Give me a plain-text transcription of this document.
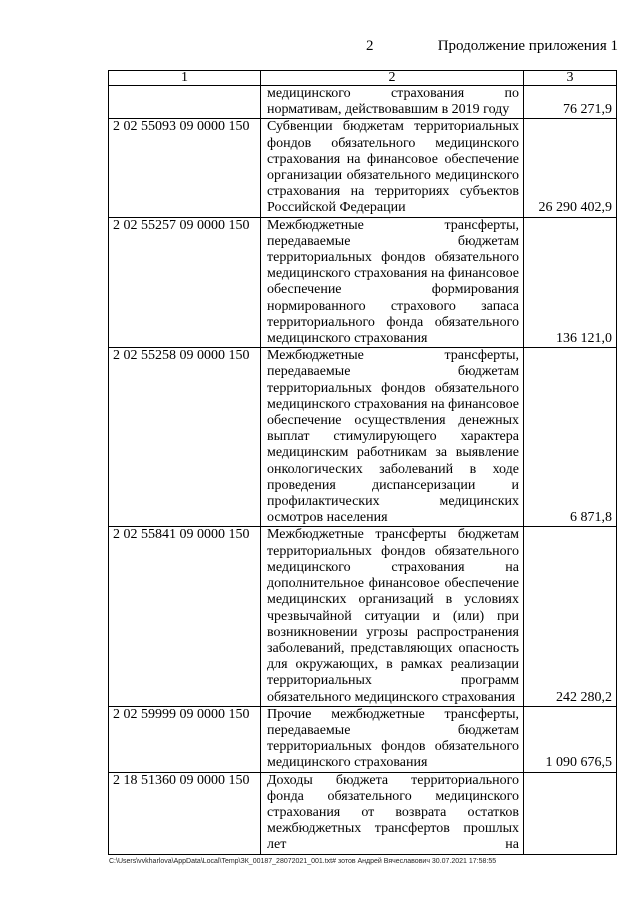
2	Продолжение приложения 1
1	2	3
	медицинского страхования по нормативам, действовавшим в 2019 году	76 271,9
2 02 55093 09 0000 150	Субвенции бюджетам территориальных фондов обязательного медицинского страхования на финансовое обеспечение организации обязательного медицинского страхования на территориях субъектов Российской Федерации	26 290 402,9
2 02 55257 09 0000 150	Межбюджетные трансферты, передаваемые бюджетам территориальных фондов обязательного медицинского страхования на финансовое обеспечение формирования нормированного страхового запаса территориального фонда обязательного медицинского страхования	136 121,0
2 02 55258 09 0000 150	Межбюджетные трансферты, передаваемые бюджетам территориальных фондов обязательного медицинского страхования на финансовое обеспечение осуществления денежных выплат стимулирующего характера медицинским работникам за выявление онкологических заболеваний в ходе проведения диспансеризации и профилактических медицинских осмотров населения	6 871,8
2 02 55841 09 0000 150	Межбюджетные трансферты бюджетам территориальных фондов обязательного медицинского страхования на дополнительное финансовое обеспечение медицинских организаций в условиях чрезвычайной ситуации и (или) при возникновении угрозы распространения заболеваний, представляющих опасность для окружающих, в рамках реализации территориальных программ обязательного медицинского страхования	242 280,2
2 02 59999 09 0000 150	Прочие межбюджетные трансферты, передаваемые бюджетам территориальных фондов обязательного медицинского страхования	1 090 676,5
2 18 51360 09 0000 150	Доходы бюджета территориального фонда обязательного медицинского страхования от возврата остатков межбюджетных трансфертов прошлых лет на	
C:\Users\vvkharlova\AppData\Local\Temp\ЗК_00187_28072021_001.txt# зотов Андрей Вячеславович 30.07.2021 17:58:55
